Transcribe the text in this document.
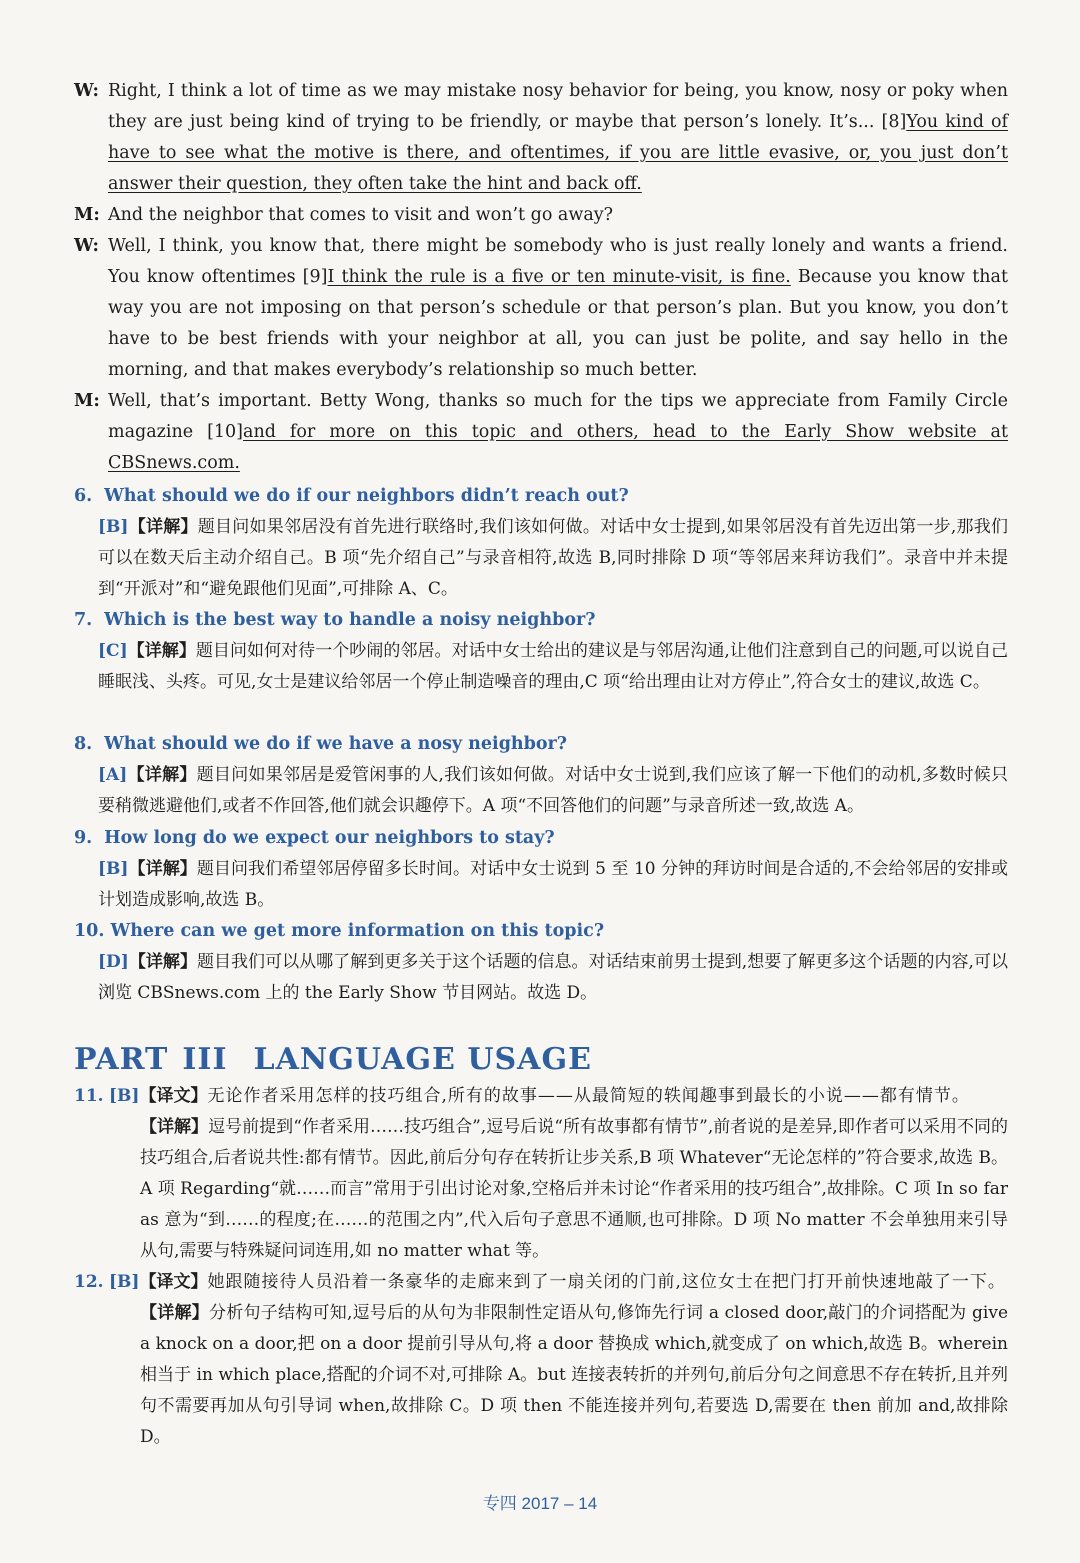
W: Right, I think a lot of time as we may mistake nosy behavior for being, you know, nosy or poky when they are just being kind of trying to be friendly, or maybe that person’s lonely. It’s... [8]You kind of have to see what the motive is there, and oftentimes, if you are little evasive, or, you just don’t answer their question, they often take the hint and back off.
M: And the neighbor that comes to visit and won’t go away?
W: Well, I think, you know that, there might be somebody who is just really lonely and wants a friend. You know oftentimes [9]I think the rule is a five or ten minute-visit, is fine. Because you know that way you are not imposing on that person’s schedule or that person’s plan. But you know, you don’t have to be best friends with your neighbor at all, you can just be polite, and say hello in the morning, and that makes everybody’s relationship so much better.
M: Well, that’s important. Betty Wong, thanks so much for the tips we appreciate from Family Circle magazine [10]and for more on this topic and others, head to the Early Show website at CBSnews.com.
6. What should we do if our neighbors didn’t reach out?
[B]【详解】题目问如果邻居没有首先进行联络时,我们该如何做。对话中女士提到,如果邻居没有首先迈出第一步,那我们可以在数天后主动介绍自己。B 项“先介绍自己”与录音相符,故选 B,同时排除 D 项“等邻居来拜访我们”。录音中并未提到“开派对”和“避免跟他们见面”,可排除 A、C。
7. Which is the best way to handle a noisy neighbor?
[C]【详解】题目问如何对待一个吵闹的邻居。对话中女士给出的建议是与邻居沟通,让他们注意到自己的问题,可以说自己睡眠浅、头疼。可见,女士是建议给邻居一个停止制造噪音的理由,C 项“给出理由让对方停止”,符合女士的建议,故选 C。
8. What should we do if we have a nosy neighbor?
[A]【详解】题目问如果邻居是爱管闲事的人,我们该如何做。对话中女士说到,我们应该了解一下他们的动机,多数时候只要稍微逃避他们,或者不作回答,他们就会识趣停下。A 项“不回答他们的问题”与录音所述一致,故选 A。
9. How long do we expect our neighbors to stay?
[B]【详解】题目问我们希望邻居停留多长时间。对话中女士说到 5 至 10 分钟的拜访时间是合适的,不会给邻居的安排或计划造成影响,故选 B。
10. Where can we get more information on this topic?
[D]【详解】题目我们可以从哪了解到更多关于这个话题的信息。对话结束前男士提到,想要了解更多这个话题的内容,可以浏览 CBSnews.com 上的 the Early Show 节目网站。故选 D。
PART III LANGUAGE USAGE
11. [B]【译文】无论作者采用怎样的技巧组合,所有的故事——从最简短的轶闻趣事到最长的小说——都有情节。
【详解】逗号前提到“作者采用……技巧组合”,逗号后说“所有故事都有情节”,前者说的是差异,即作者可以采用不同的技巧组合,后者说共性:都有情节。因此,前后分句存在转折让步关系,B 项 Whatever“无论怎样的”符合要求,故选 B。A 项 Regarding“就……而言”常用于引出讨论对象,空格后并未讨论“作者采用的技巧组合”,故排除。C 项 In so far as 意为“到……的程度;在……的范围之内”,代入后句子意思不通顺,也可排除。D 项 No matter 不会单独用来引导从句,需要与特殊疑问词连用,如 no matter what 等。
12. [B]【译文】她跟随接待人员沿着一条豪华的走廊来到了一扇关闭的门前,这位女士在把门打开前快速地敲了一下。
【详解】分析句子结构可知,逗号后的从句为非限制性定语从句,修饰先行词 a closed door,敲门的介词搭配为 give a knock on a door,把 on a door 提前引导从句,将 a door 替换成 which,就变成了 on which,故选 B。wherein 相当于 in which place,搭配的介词不对,可排除 A。but 连接表转折的并列句,前后分句之间意思不存在转折,且并列句不需要再加从句引导词 when,故排除 C。D 项 then 不能连接并列句,若要选 D,需要在 then 前加 and,故排除 D。
专四 2017 – 14
